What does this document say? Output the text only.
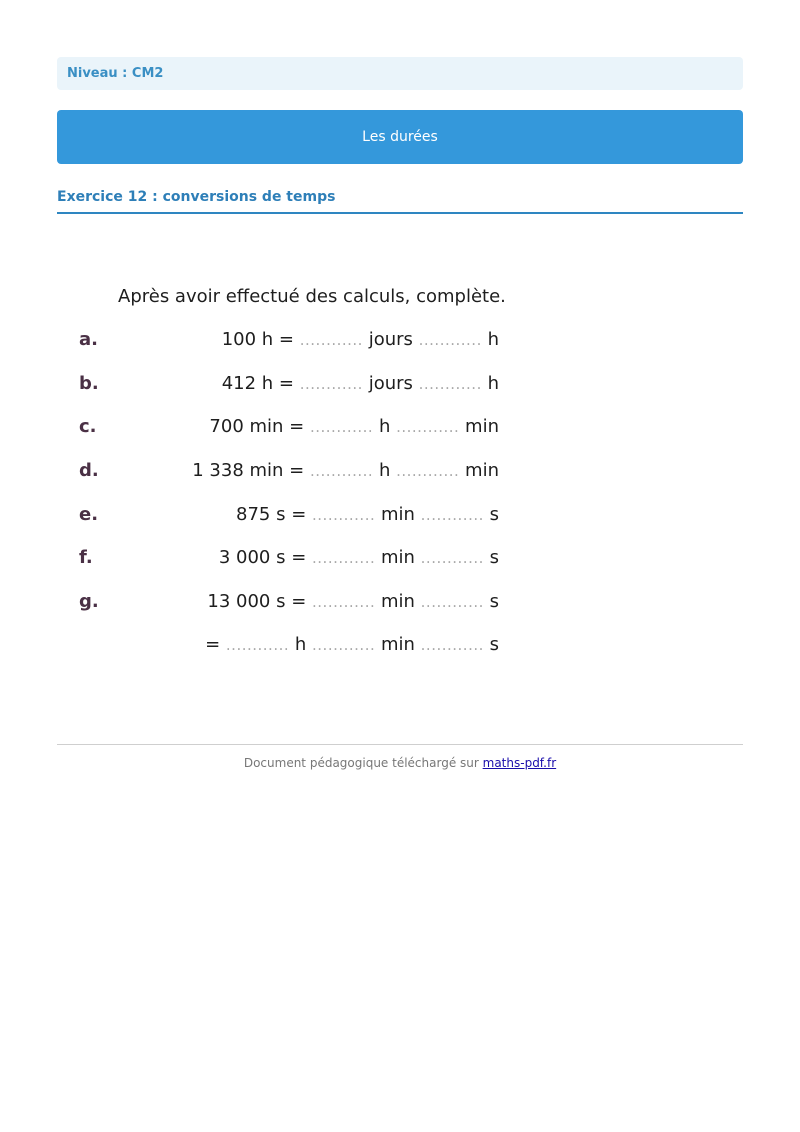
Niveau : CM2
Les durées
Exercice 12 : conversions de temps
Après avoir effectué des calculs, complète.
a.	100 h = ............ jours ............ h
b.	412 h = ............ jours ............ h
c.	700 min = ............ h ............ min
d.	1 338 min = ............ h ............ min
e.	875 s = ............ min ............ s
f.	3 000 s = ............ min ............ s
g.	13 000 s = ............ min ............ s
= ............ h ............ min ............ s
Document pédagogique téléchargé sur maths-pdf.fr
